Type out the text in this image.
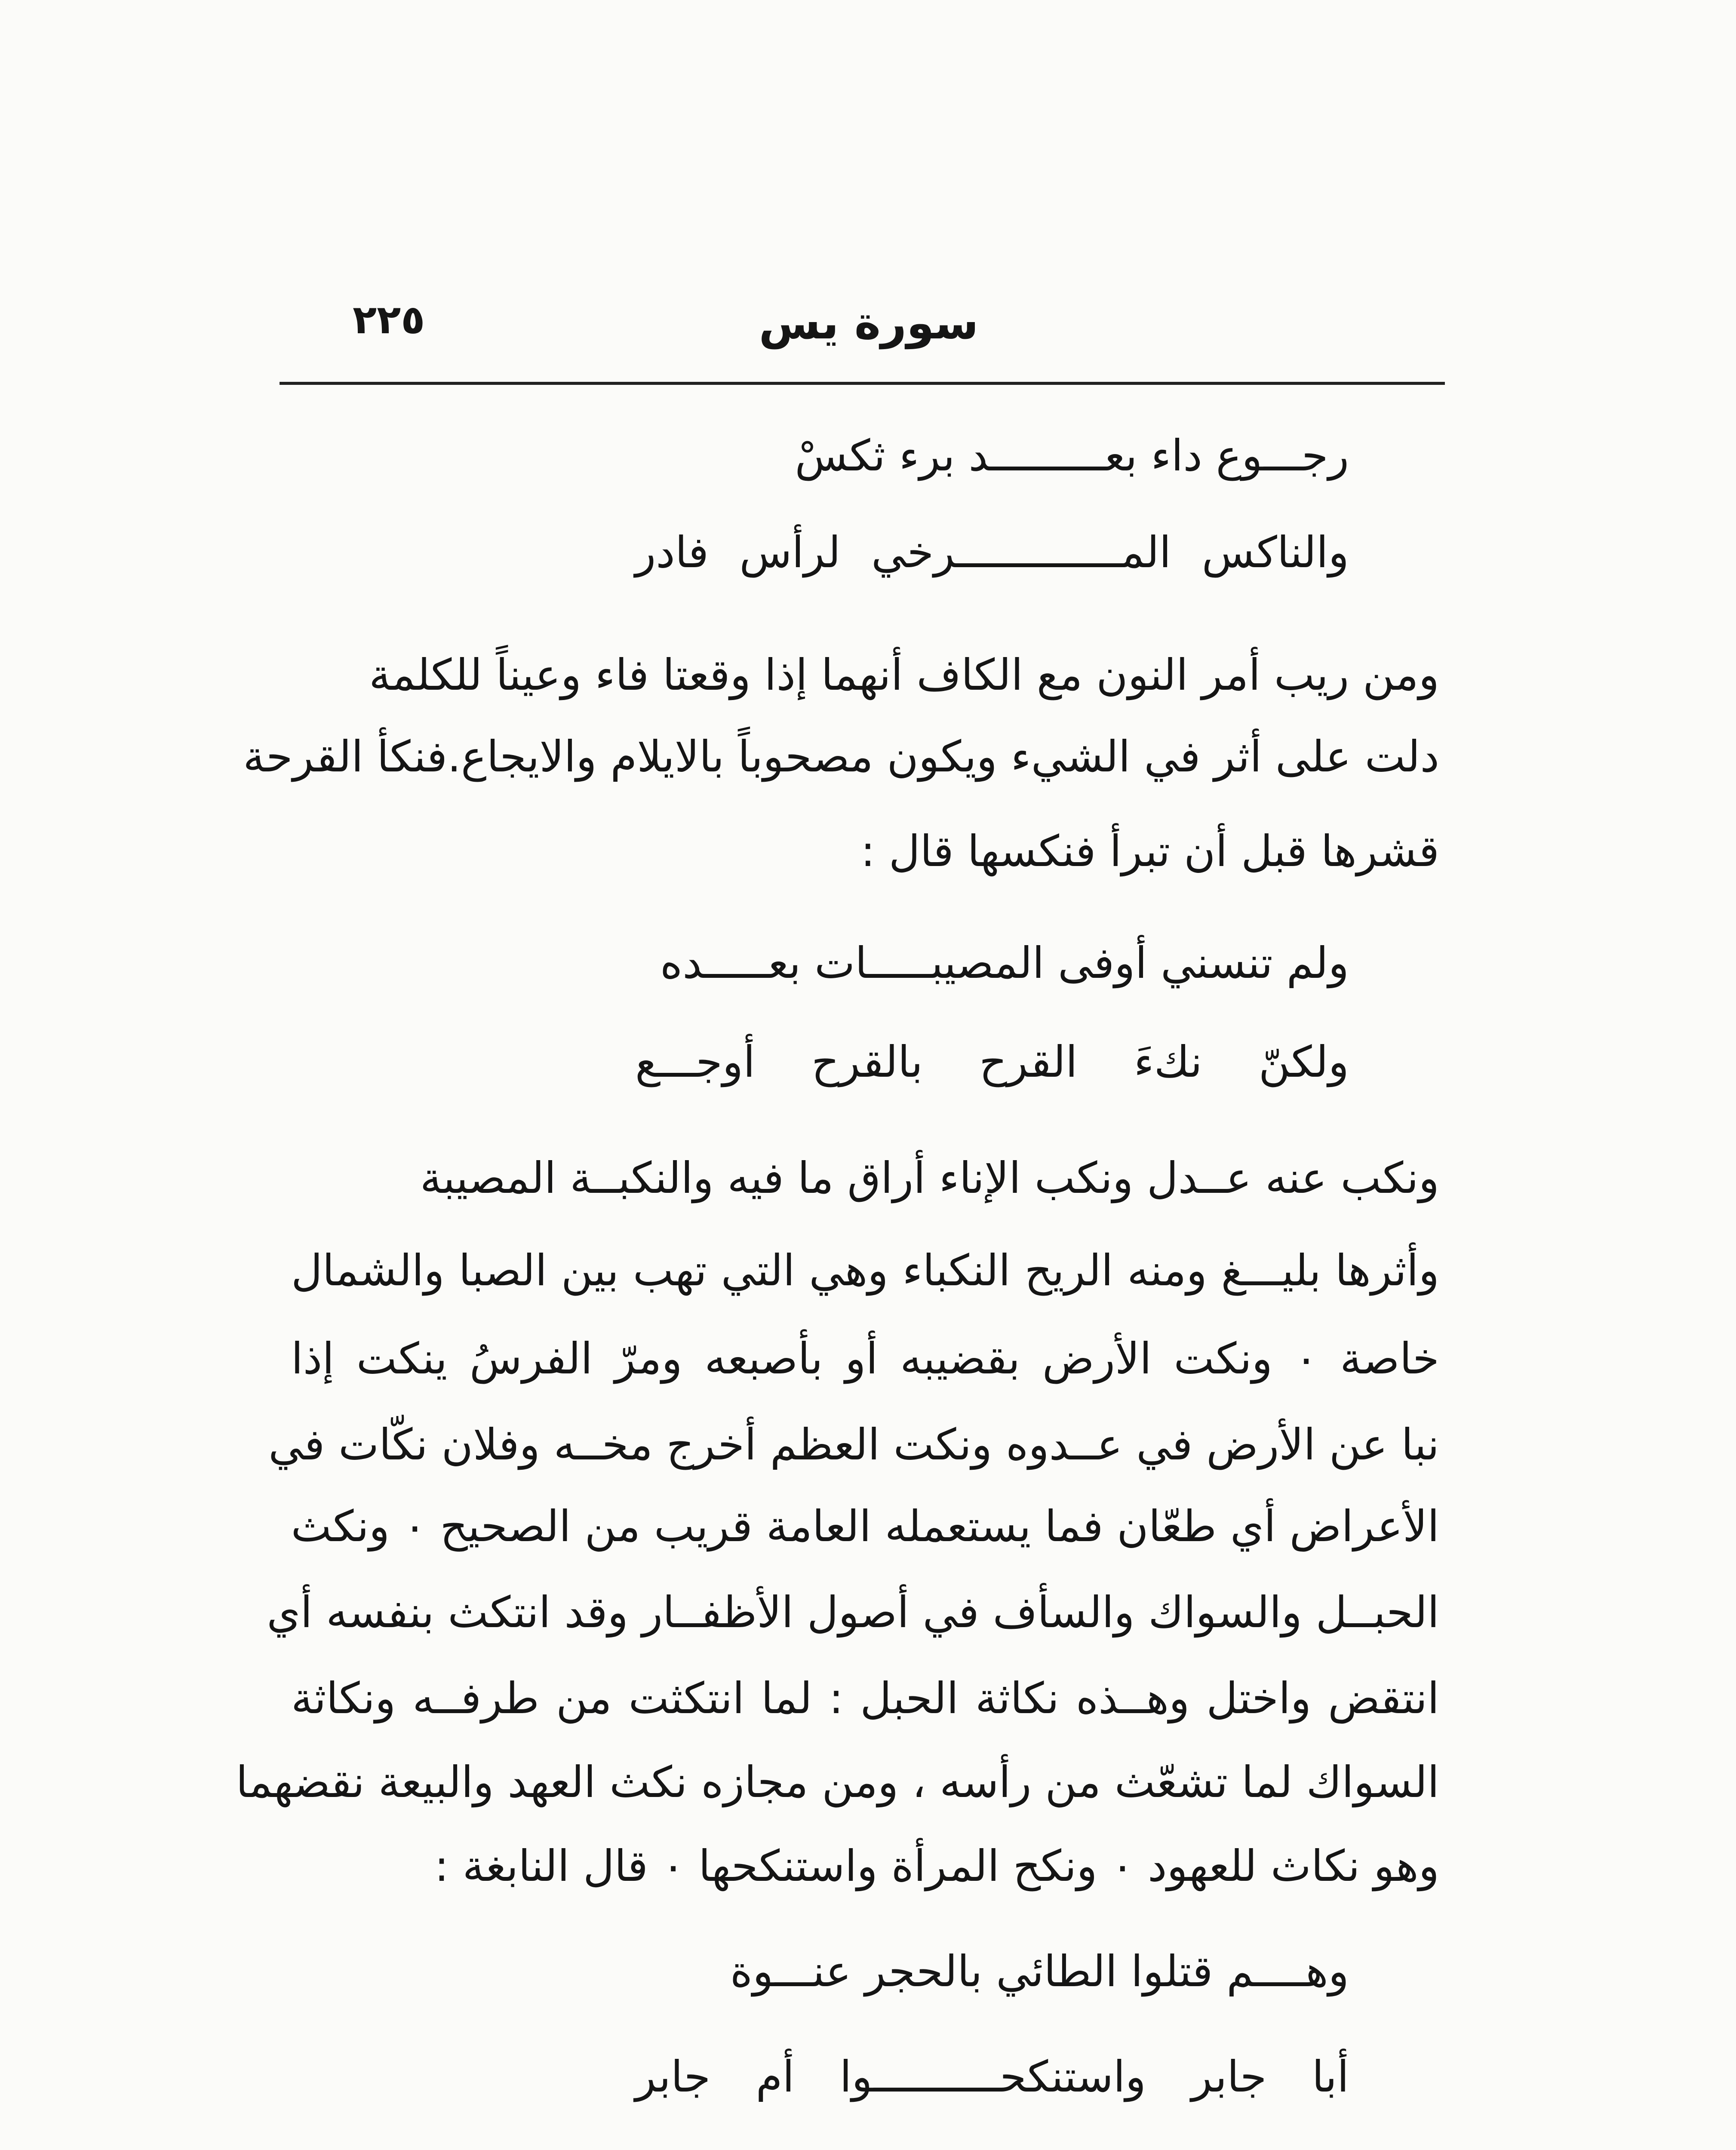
٢٢٥	سورة يس
رجـــوع داء بعـــــــــد برء ثكسْ
والناكس المـــــــــــــرخي لرأس فادر
ومن ريب أمر النون مع الكاف أنهما إذا وقعتا فاء وعيناً للكلمة
دلت على أثر في الشيء ويكون مصحوباً بالايلام والايجاع.فنكأ القرحة
قشرها قبل أن تبرأ فنكسها قال :
ولم تنسني أوفى المصيبـــــات بعـــــده
ولكنّ نكءَ القرح بالقرح أوجـــع
ونكب عنه عــدل ونكب الإناء أراق ما فيه والنكبــة المصيبة
وأثرها بليـــغ ومنه الريح النكباء وهي التي تهب بين الصبا والشمال
خاصة ٠ ونكت الأرض بقضيبه أو بأصبعه ومرّ الفرسُ ينكت إذا
نبا عن الأرض في عــدوه ونكت العظم أخرج مخــه وفلان نكّات في
الأعراض أي طعّان فما يستعمله العامة قريب من الصحيح ٠ ونكث
الحبــل والسواك والسأف في أصول الأظفــار وقد انتكث بنفسه أي
انتقض واختل وهــذه نكاثة الحبل : لما انتكثت من طرفــه ونكاثة
السواك لما تشعّث من رأسه ، ومن مجازه نكث العهد والبيعة نقضهما
وهو نكاث للعهود ٠ ونكح المرأة واستنكحها ٠ قال النابغة :
وهــــم قتلوا الطائي بالحجر عنـــوة
أبا جابر واستنكحــــــــــوا أم جابر
